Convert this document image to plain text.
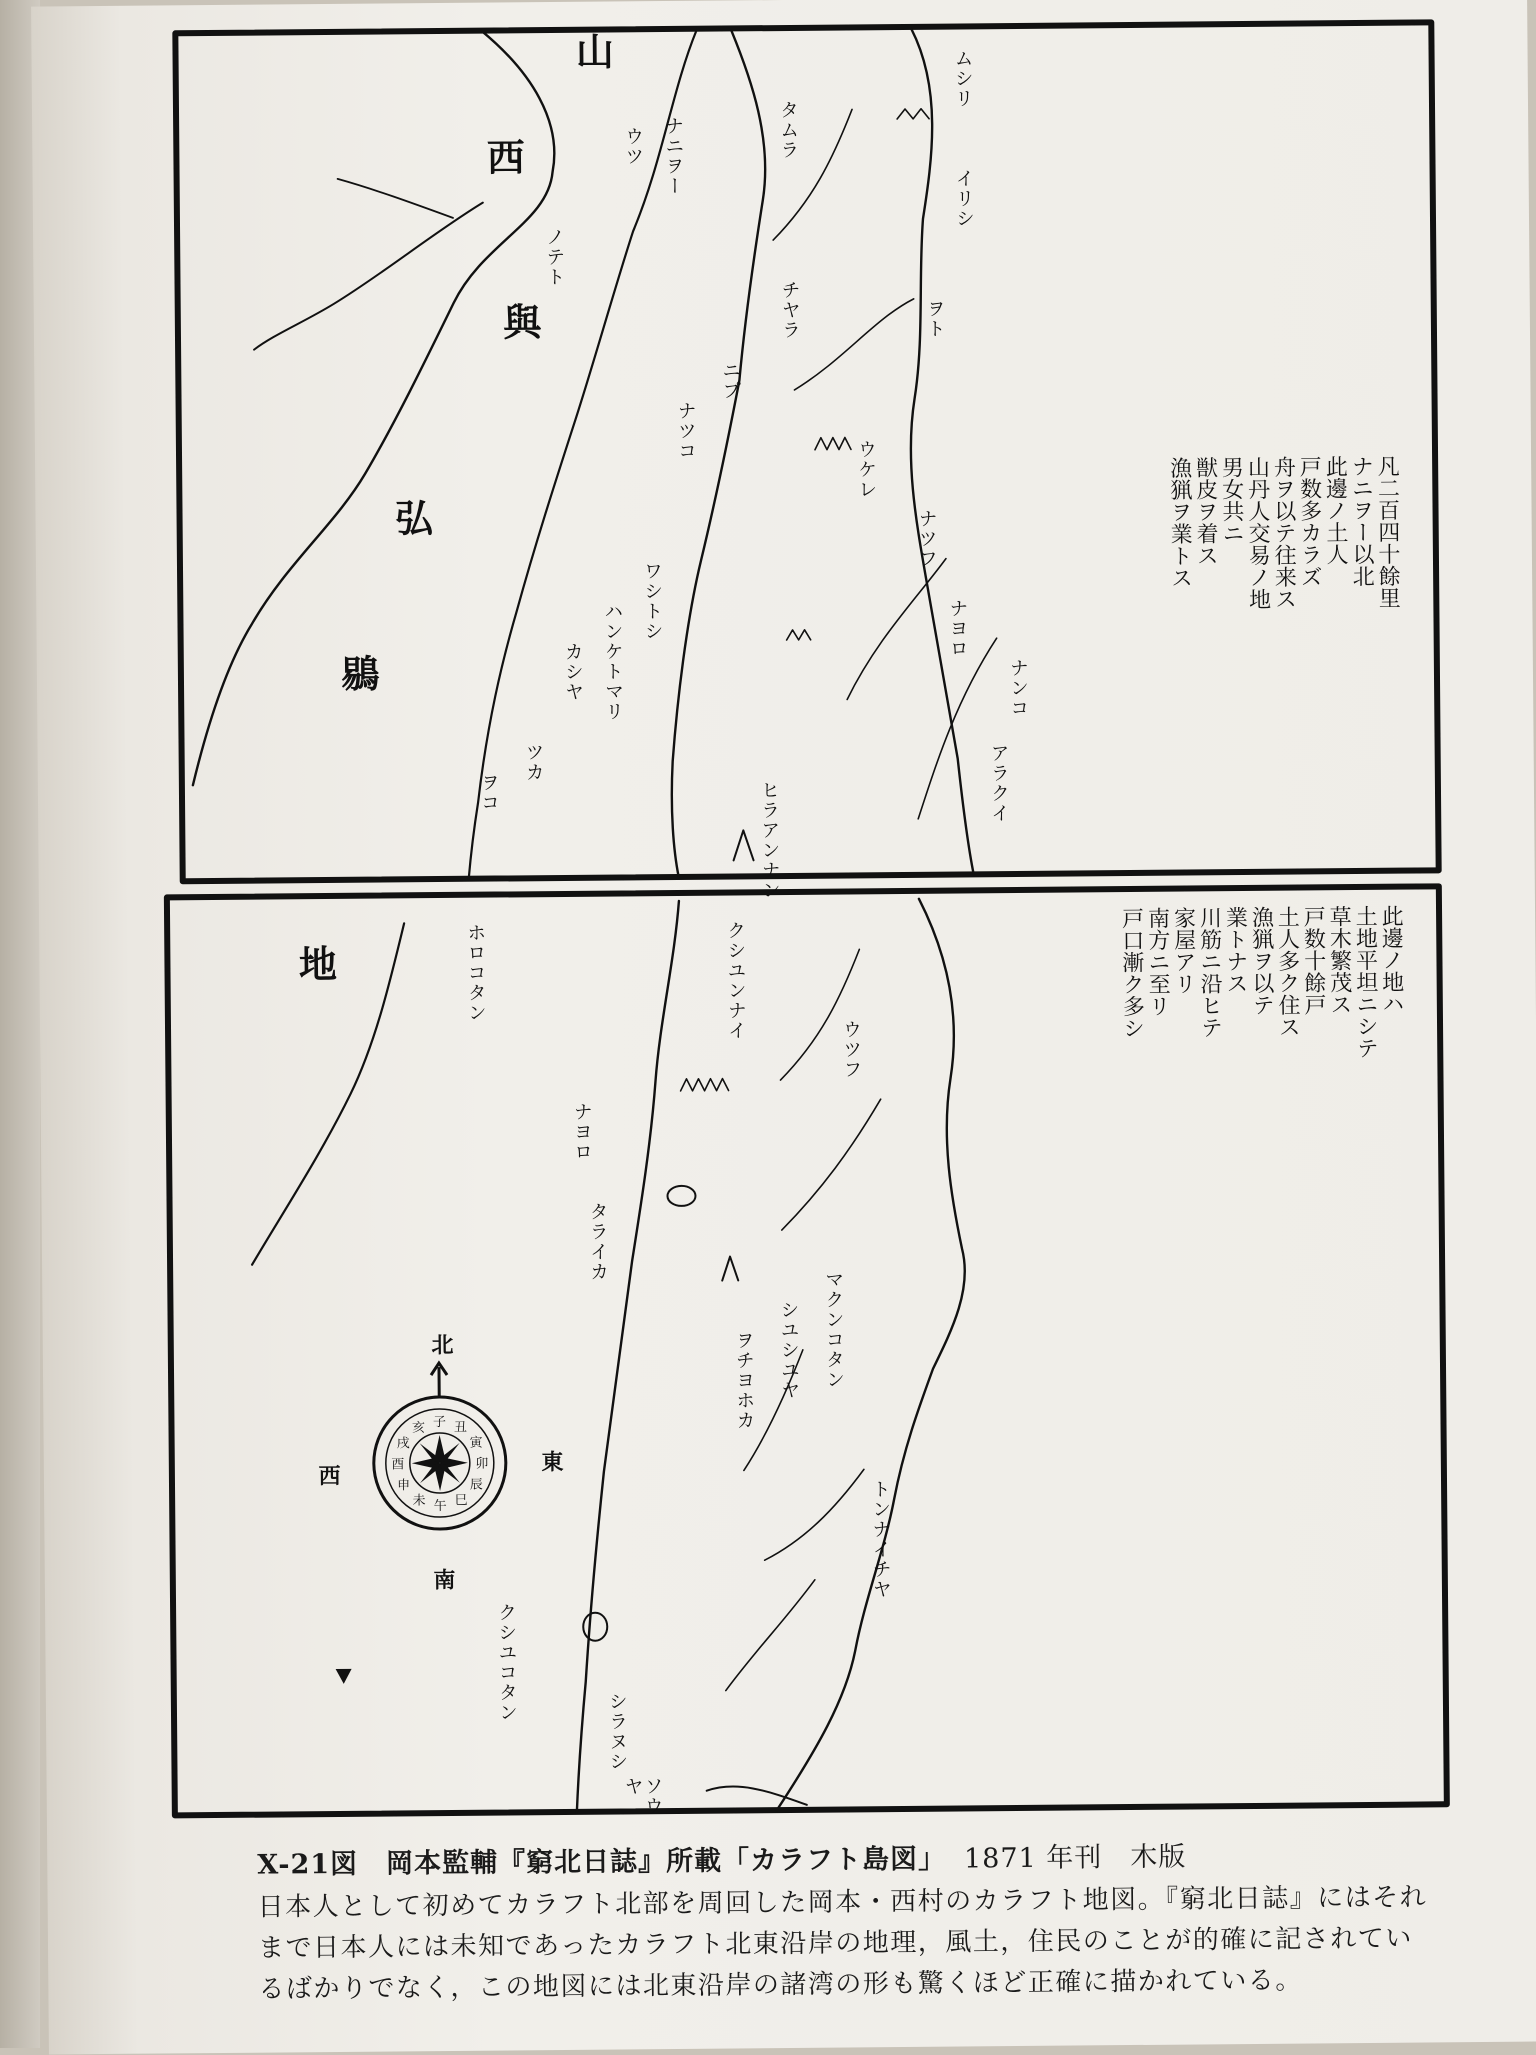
子 丑
寅
卯
辰
巳
午
未
申
酉
戌
亥
山
西
與
弘
鶍
地
ナニヲー
ウツ
ノテト
タムラ
チヤラ
ニプ
ナツコ
ワシトシ
ハンケトマリ
カシヤ
ツカ
ヲコ
ムシリ
イリシ
ヲト
ウケレ
ナツフ
ナヨロ
ナンコ
アラクイ
ヒラアンナン
ホロコタン	クシユンナイ
ウツフ
ナヨロ
タライカ
マクンコタン
シユシユヤ
ヲチヨホカ
トンナイチヤ
シラヌシ
ソウヤ
クシユコタン

凡二百四十餘里
ナニヲー以北
此邊ノ土人
戸数多カラズ
舟ヲ以テ往来ス
山丹人交易ノ地
男女共ニ
獣皮ヲ着ス
漁猟ヲ業トス

此邊ノ地ハ
土地平坦ニシテ
草木繁茂ス
戸数十餘戸
土人多ク住ス
漁猟ヲ以テ
業トナス
川筋ニ沿ヒテ
家屋アリ
南方ニ至リ
戸口漸ク多シ

東
西
南
北
X-21図　岡本監輔『窮北日誌』所載「カラフト島図」 1871 年刊　木版
日本人として初めてカラフト北部を周回した岡本・西村のカラフト地図。『窮北日誌』にはそれまで日本人には未知であったカラフト北東沿岸の地理，風土，住民のことが的確に記されているばかりでなく，この地図には北東沿岸の諸湾の形も驚くほど正確に描かれている。
